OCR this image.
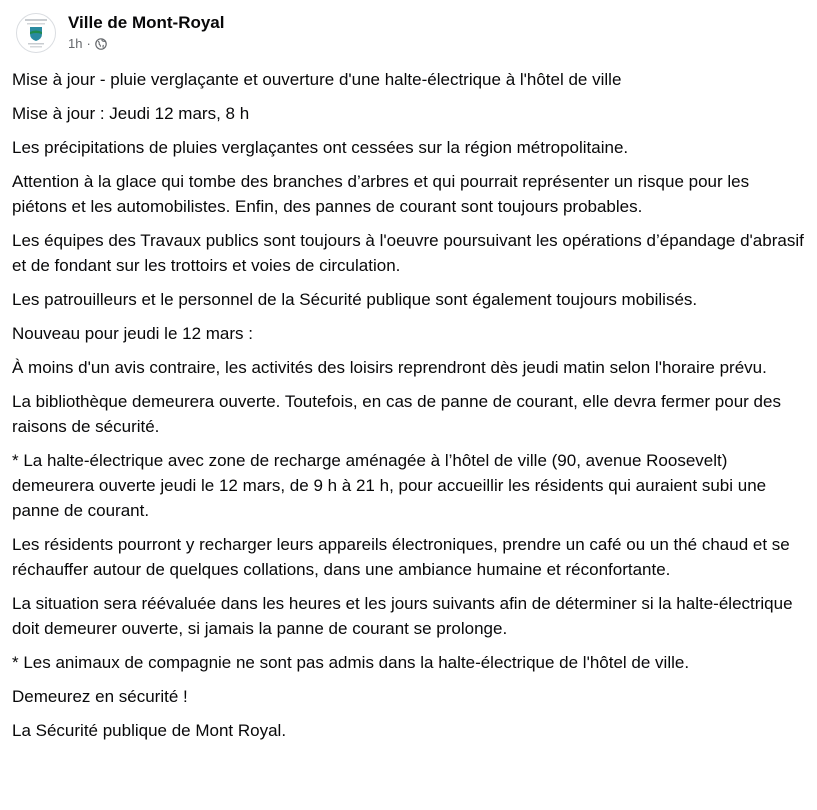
Ville de Mont-Royal
1h ·

Mise à jour - pluie verglaçante et ouverture d'une halte-électrique à l'hôtel de ville

Mise à jour : Jeudi 12 mars, 8 h

Les précipitations de pluies verglaçantes ont cessées sur la région métropolitaine.

Attention à la glace qui tombe des branches d’arbres et qui pourrait représenter un risque pour les piétons et les automobilistes. Enfin, des pannes de courant sont toujours probables.

Les équipes des Travaux publics sont toujours à l'oeuvre poursuivant les opérations d’épandage d'abrasif et de fondant sur les trottoirs et voies de circulation.

Les patrouilleurs et le personnel de la Sécurité publique sont également toujours mobilisés.

Nouveau pour jeudi le 12 mars :

À moins d'un avis contraire, les activités des loisirs reprendront dès jeudi matin selon l'horaire prévu.

La bibliothèque demeurera ouverte. Toutefois, en cas de panne de courant, elle devra fermer pour des raisons de sécurité.

* La halte-électrique avec zone de recharge aménagée à l’hôtel de ville (90, avenue Roosevelt) demeurera ouverte jeudi le 12 mars, de 9 h à 21 h, pour accueillir les résidents qui auraient subi une panne de courant.

Les résidents pourront y recharger leurs appareils électroniques, prendre un café ou un thé chaud et se réchauffer autour de quelques collations, dans une ambiance humaine et réconfortante.

La situation sera réévaluée dans les heures et les jours suivants afin de déterminer si la halte-électrique doit demeurer ouverte, si jamais la panne de courant se prolonge.

* Les animaux de compagnie ne sont pas admis dans la halte-électrique de l'hôtel de ville.

Demeurez en sécurité !

La Sécurité publique de Mont Royal.
